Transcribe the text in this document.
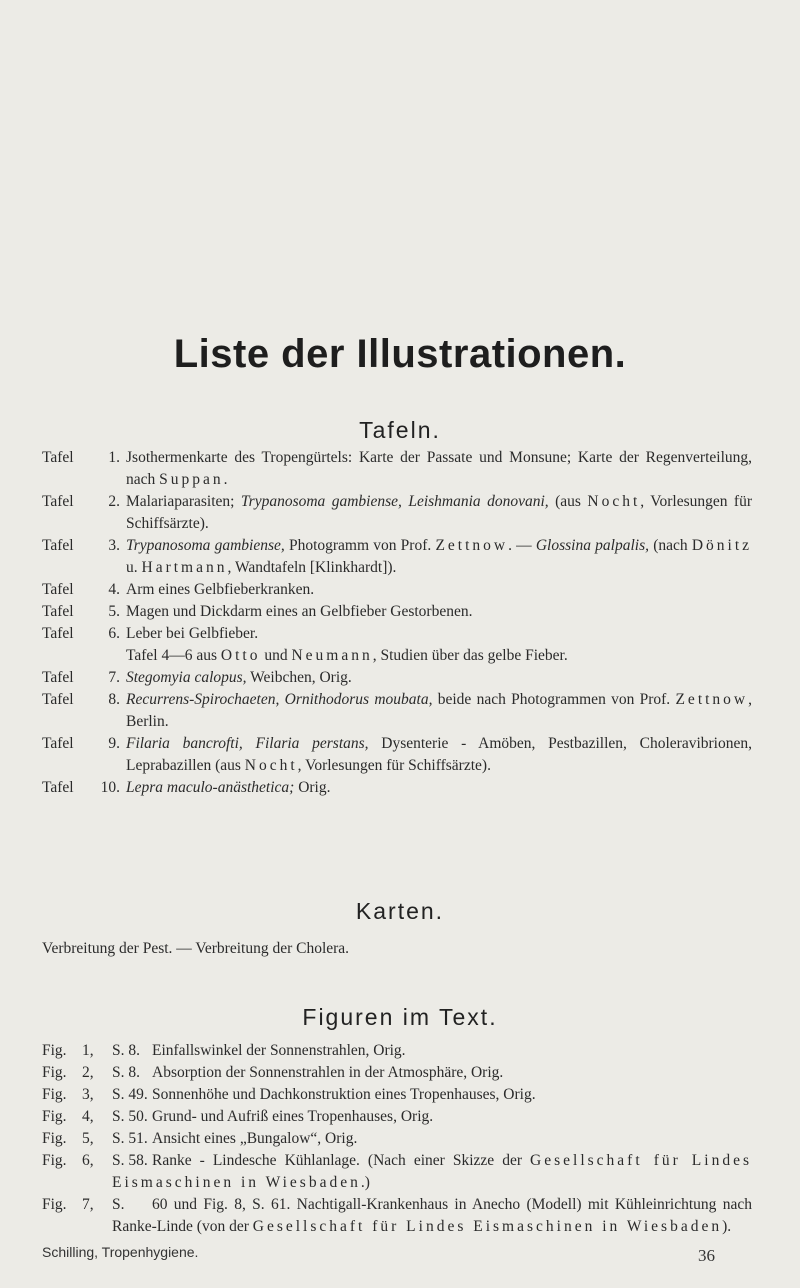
Liste der Illustrationen.
Tafeln.
Tafel	1. Jsothermenkarte des Tropengürtels: Karte der Passate und Monsune; Karte der Regenverteilung, nach Suppan.
Tafel	2. Malariaparasiten; Trypanosoma gambiense, Leishmania donovani, (aus Nocht, Vorlesungen für Schiffsärzte).
Tafel	3. Trypanosoma gambiense, Photogramm von Prof. Zettnow. — Glossina palpalis, (nach Dönitz u. Hartmann, Wandtafeln [Klinkhardt]).
Tafel	4. Arm eines Gelbfieberkranken.
Tafel	5. Magen und Dickdarm eines an Gelbfieber Gestorbenen.
Tafel	6. Leber bei Gelbfieber.
Tafel 4—6 aus Otto und Neumann, Studien über das gelbe Fieber.
Tafel	7. Stegomyia calopus, Weibchen, Orig.
Tafel	8. Recurrens-Spirochaeten, Ornithodorus moubata, beide nach Photogrammen von Prof. Zettnow, Berlin.
Tafel	9. Filaria bancrofti, Filaria perstans, Dysenterie - Amöben, Pestbazillen, Choleravibrionen, Leprabazillen (aus Nocht, Vorlesungen für Schiffsärzte).
Tafel	10. Lepra maculo-anästhetica; Orig.
Karten.
Verbreitung der Pest. — Verbreitung der Cholera.
Figuren im Text.
Fig. 1,	S. 8. Einfallswinkel der Sonnenstrahlen, Orig.
Fig. 2,	S. 8. Absorption der Sonnenstrahlen in der Atmosphäre, Orig.
Fig. 3,	S. 49. Sonnenhöhe und Dachkonstruktion eines Tropenhauses, Orig.
Fig. 4,	S. 50. Grund- und Aufriß eines Tropenhauses, Orig.
Fig. 5,	S. 51. Ansicht eines „Bungalow“, Orig.
Fig. 6,	S. 58. Ranke - Lindesche Kühlanlage. (Nach einer Skizze der Gesellschaft für Lindes Eismaschinen in Wiesbaden.)
Fig. 7,	S. 60 und Fig. 8, S. 61. Nachtigall-Krankenhaus in Anecho (Modell) mit Kühleinrichtung nach Ranke-Linde (von der Gesellschaft für Lindes Eismaschinen in Wiesbaden).
Schilling, Tropenhygiene.	36
